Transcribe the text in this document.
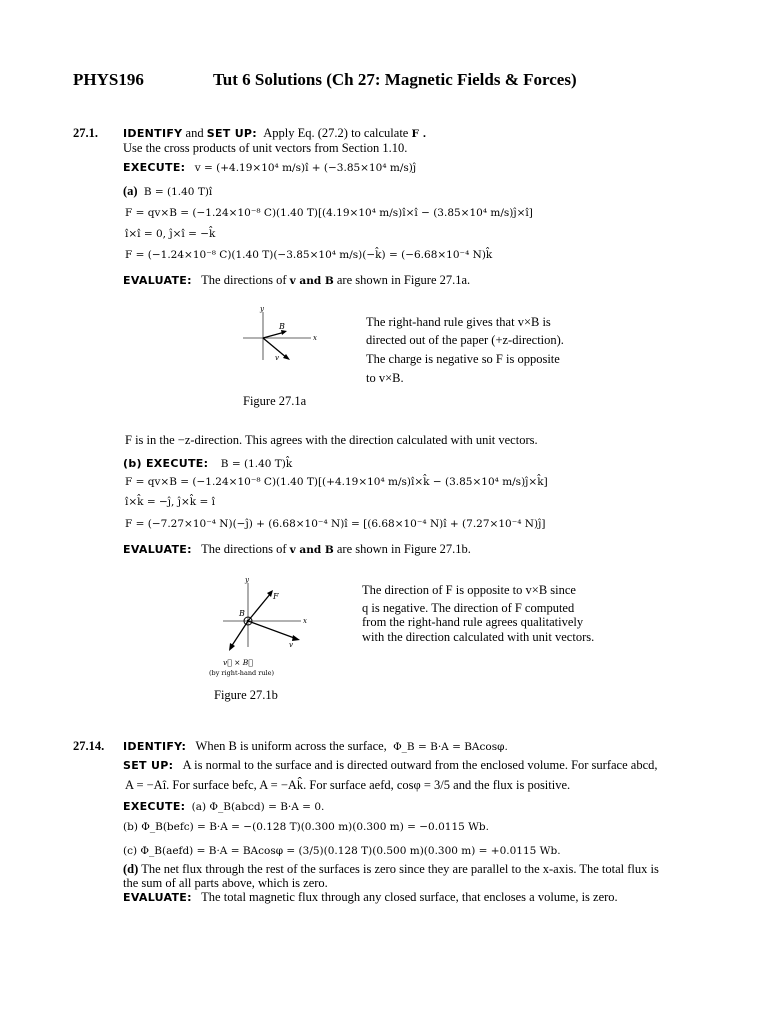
PHYS196	Tut 6 Solutions (Ch 27: Magnetic Fields & Forces)
27.1. IDENTIFY and SET UP: Apply Eq. (27.2) to calculate F .
Use the cross products of unit vectors from Section 1.10.
EXECUTE: v = (+4.19×10⁴ m/s)î + (−3.85×10⁴ m/s)ĵ
(a) B = (1.40 T)î
F = qv×B = (−1.24×10⁻⁸ C)(1.40 T)[(4.19×10⁴ m/s)î×î − (3.85×10⁴ m/s)ĵ×î]
î×î = 0, ĵ×î = −k̂
F = (−1.24×10⁻⁸ C)(1.40 T)(−3.85×10⁴ m/s)(−k̂) = (−6.68×10⁻⁴ N)k̂
EVALUATE: The directions of v and B are shown in Figure 27.1a.
y
x
B
v
The right-hand rule gives that v×B is
directed out of the paper (+z-direction).
The charge is negative so F is opposite
to v×B.
Figure 27.1a
F is in the −z-direction. This agrees with the direction calculated with unit vectors.
(b) EXECUTE: B = (1.40 T)k̂
F = qv×B = (−1.24×10⁻⁸ C)(1.40 T)[(+4.19×10⁴ m/s)î×k̂ − (3.85×10⁴ m/s)ĵ×k̂]
î×k̂ = −ĵ, ĵ×k̂ = î
F = (−7.27×10⁻⁴ N)(−ĵ) + (6.68×10⁻⁴ N)î = [(6.68×10⁻⁴ N)î + (7.27×10⁻⁴ N)ĵ]
EVALUATE: The directions of v and B are shown in Figure 27.1b.
y
x
B
F
v
v⃗ × B⃗
(by right-hand rule)
The direction of F is opposite to v×B since
q is negative. The direction of F computed
from the right-hand rule agrees qualitatively
with the direction calculated with unit vectors.
Figure 27.1b
27.14. IDENTIFY: When B is uniform across the surface, Φ_B = B·A = BAcosφ.
SET UP: A is normal to the surface and is directed outward from the enclosed volume. For surface abcd,
A = −Aî. For surface befc, A = −Ak̂. For surface aefd, cosφ = 3/5 and the flux is positive.
EXECUTE: (a) Φ_B(abcd) = B·A = 0.
(b) Φ_B(befc) = B·A = −(0.128 T)(0.300 m)(0.300 m) = −0.0115 Wb.
(c) Φ_B(aefd) = B·A = BAcosφ = (3/5)(0.128 T)(0.500 m)(0.300 m) = +0.0115 Wb.
(d) The net flux through the rest of the surfaces is zero since they are parallel to the x-axis. The total flux is
the sum of all parts above, which is zero.
EVALUATE: The total magnetic flux through any closed surface, that encloses a volume, is zero.
